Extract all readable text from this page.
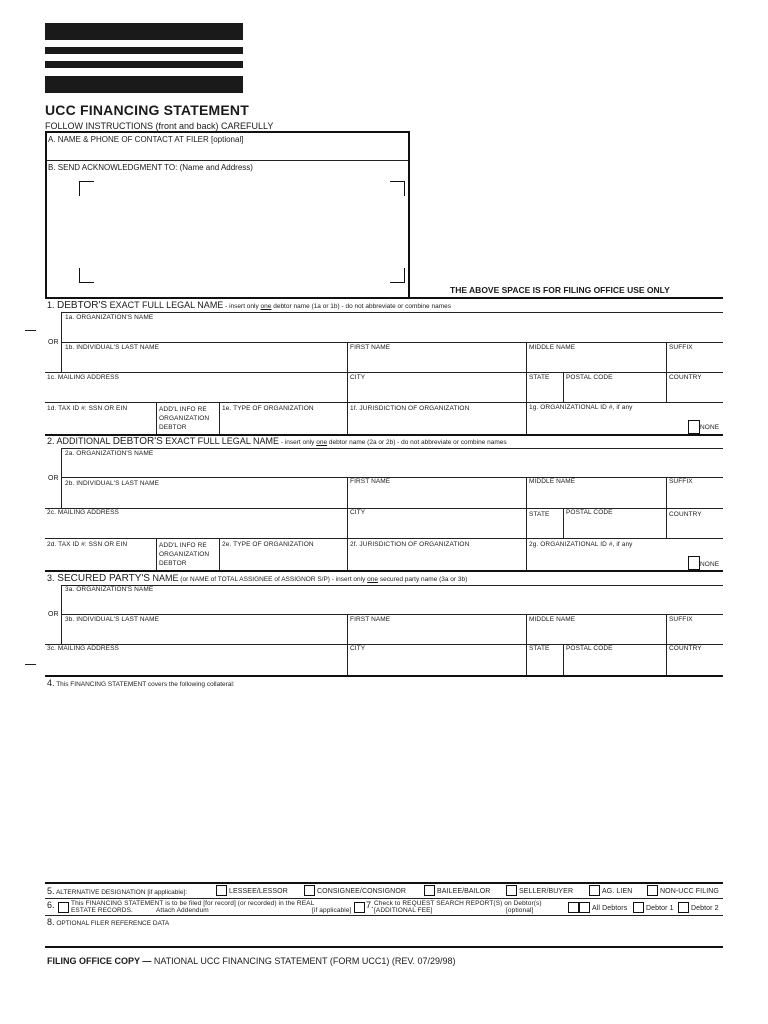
UCC FINANCING STATEMENT
FOLLOW INSTRUCTIONS (front and back) CAREFULLY
A. NAME & PHONE OF CONTACT AT FILER [optional]
B. SEND ACKNOWLEDGMENT TO: (Name and Address)
THE ABOVE SPACE IS FOR FILING OFFICE USE ONLY
1. DEBTOR'S EXACT FULL LEGAL NAME - insert only one debtor name (1a or 1b) - do not abbreviate or combine names
1a. ORGANIZATION'S NAME
OR
1b. INDIVIDUAL'S LAST NAME	FIRST NAME	MIDDLE NAME	SUFFIX
1c. MAILING ADDRESS	CITY	STATE	POSTAL CODE	COUNTRY
1d. TAX ID #: SSN OR EIN	ADD'L INFO RE
ORGANIZATION
DEBTOR
1e. TYPE OF ORGANIZATION	1f. JURISDICTION OF ORGANIZATION	1g. ORGANIZATIONAL ID #, if any
NONE
2. ADDITIONAL DEBTOR'S EXACT FULL LEGAL NAME - insert only one debtor name (2a or 2b) - do not abbreviate or combine names
2a. ORGANIZATION'S NAME
OR
2b. INDIVIDUAL'S LAST NAME	FIRST NAME	MIDDLE NAME	SUFFIX
2c. MAILING ADDRESS	CITY	STATE	POSTAL CODE	COUNTRY
2d. TAX ID #: SSN OR EIN	ADD'L INFO RE
ORGANIZATION
DEBTOR
2e. TYPE OF ORGANIZATION	2f. JURISDICTION OF ORGANIZATION	2g. ORGANIZATIONAL ID #, if any
NONE
3. SECURED PARTY'S NAME (or NAME of TOTAL ASSIGNEE of ASSIGNOR S/P) - insert only one secured party name (3a or 3b)
3a. ORGANIZATION'S NAME
OR
3b. INDIVIDUAL'S LAST NAME	FIRST NAME	MIDDLE NAME	SUFFIX
3c. MAILING ADDRESS	CITY	STATE	POSTAL CODE	COUNTRY
4. This FINANCING STATEMENT covers the following collateral:
5. ALTERNATIVE DESIGNATION [if applicable]:	LESSEE/LESSOR	CONSIGNEE/CONSIGNOR	BAILEE/BAILOR	SELLER/BUYER	AG. LIEN	NON-UCC FILING
6.	This FINANCING STATEMENT is to be filed [for record] (or recorded) in the REAL
ESTATE RECORDS.	Attach Addendum	[if applicable]
7. Check to REQUEST SEARCH REPORT(S) on Debtor(s)
[ADDITIONAL FEE]	[optional]	All Debtors	Debtor 1 Debtor 2
8. OPTIONAL FILER REFERENCE DATA
FILING OFFICE COPY — NATIONAL UCC FINANCING STATEMENT (FORM UCC1) (REV. 07/29/98)
